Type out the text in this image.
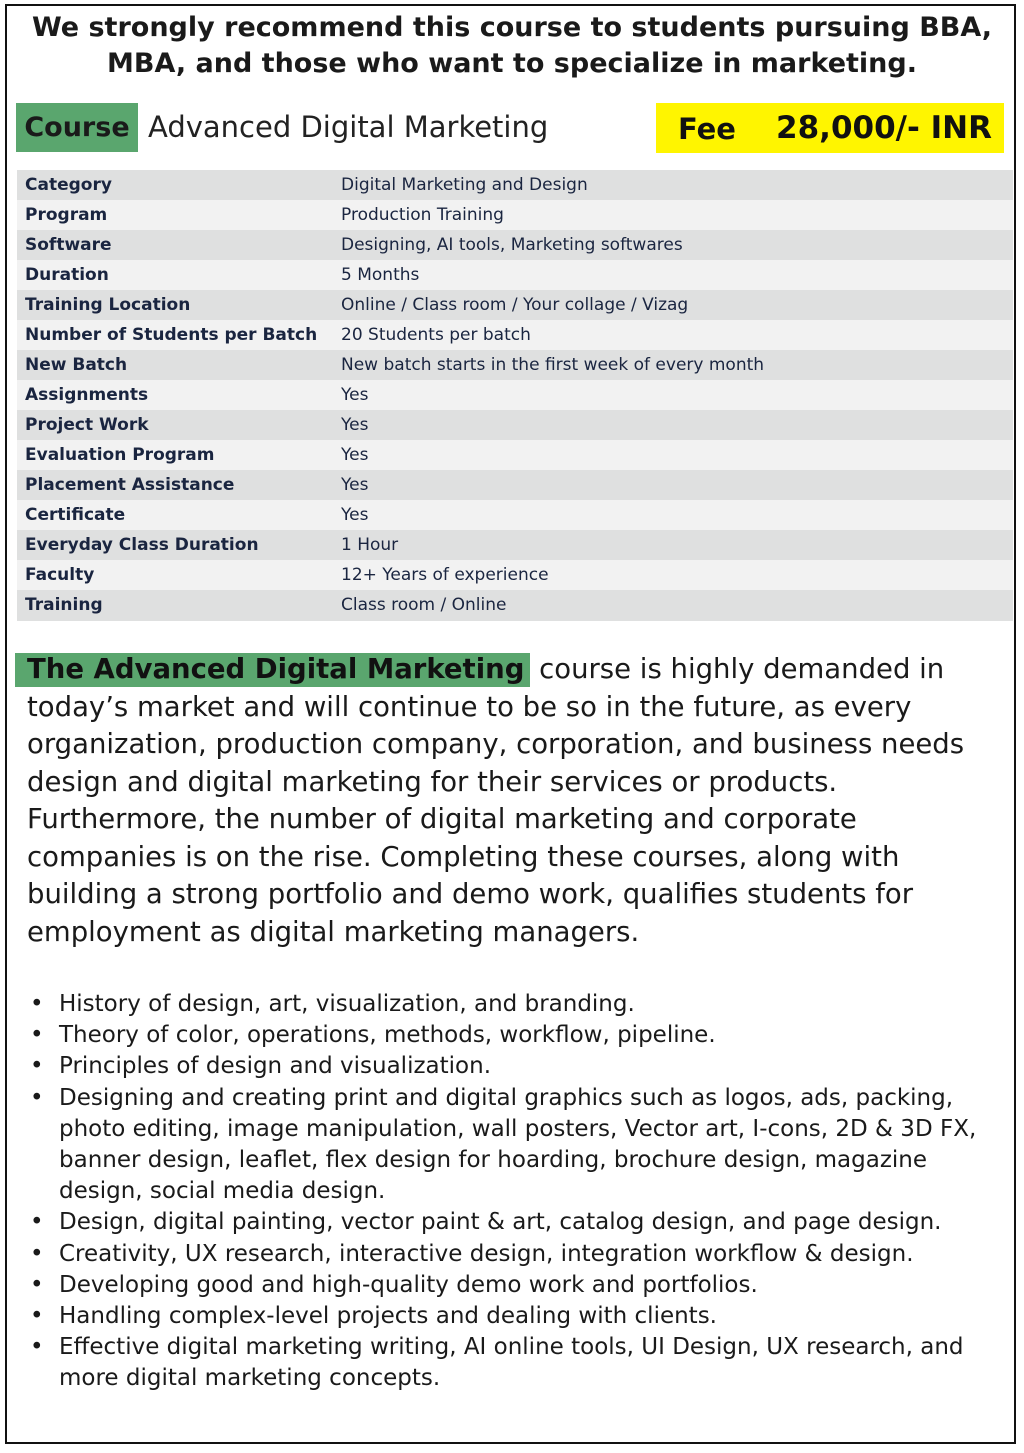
We strongly recommend this course to students pursuing BBA,
MBA, and those who want to specialize in marketing.
Course Advanced Digital Marketing	Fee 28,000/- INR
Category	Digital Marketing and Design
Program	Production Training
Software	Designing, AI tools, Marketing softwares
Duration	5 Months
Training Location	Online / Class room / Your collage / Vizag
Number of Students per Batch	20 Students per batch
New Batch	New batch starts in the first week of every month
Assignments	Yes
Project Work	Yes
Evaluation Program	Yes
Placement Assistance	Yes
Certificate	Yes
Everyday Class Duration	1 Hour
Faculty	12+ Years of experience
Training	Class room / Online

The Advanced Digital Marketing course is highly demanded in today’s market and will continue to be so in the future, as every organization, production company, corporation, and business needs design and digital marketing for their services or products. Furthermore, the number of digital marketing and corporate companies is on the rise. Completing these courses, along with building a strong portfolio and demo work, qualifies students for employment as digital marketing managers.

• History of design, art, visualization, and branding.
• Theory of color, operations, methods, workflow, pipeline.
• Principles of design and visualization.
• Designing and creating print and digital graphics such as logos, ads, packing, photo editing, image manipulation, wall posters, Vector art, I-cons, 2D & 3D FX, banner design, leaflet, flex design for hoarding, brochure design, magazine design, social media design.
• Design, digital painting, vector paint & art, catalog design, and page design.
• Creativity, UX research, interactive design, integration workflow & design.
• Developing good and high-quality demo work and portfolios.
• Handling complex-level projects and dealing with clients.
• Effective digital marketing writing, AI online tools, UI Design, UX research, and more digital marketing concepts.
